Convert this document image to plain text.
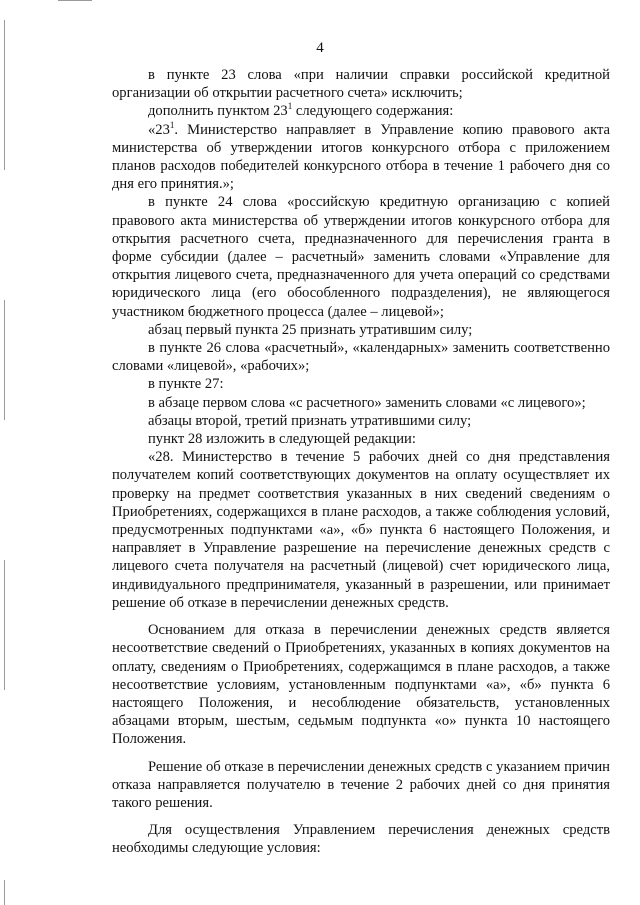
4

в пункте 23 слова «при наличии справки российской кредитной организации об открытии расчетного счета» исключить;

дополнить пунктом $23^1$ следующего содержания:

«$23^1$. Министерство направляет в Управление копию правового акта министерства об утверждении итогов конкурсного отбора с приложением планов расходов победителей конкурсного отбора в течение 1 рабочего дня со дня его принятия.»;

в пункте 24 слова «российскую кредитную организацию с копией правового акта министерства об утверждении итогов конкурсного отбора для открытия расчетного счета, предназначенного для перечисления гранта в форме субсидии (далее – расчетный» заменить словами «Управление для открытия лицевого счета, предназначенного для учета операций со средствами юридического лица (его обособленного подразделения), не являющегося участником бюджетного процесса (далее – лицевой»;

абзац первый пункта 25 признать утратившим силу;

в пункте 26 слова «расчетный», «календарных» заменить соответственно словами «лицевой», «рабочих»;

в пункте 27:

в абзаце первом слова «с расчетного» заменить словами «с лицевого»;

абзацы второй, третий признать утратившими силу;

пункт 28 изложить в следующей редакции:

«28. Министерство в течение 5 рабочих дней со дня представления получателем копий соответствующих документов на оплату осуществляет их проверку на предмет соответствия указанных в них сведений сведениям о Приобретениях, содержащихся в плане расходов, а также соблюдения условий, предусмотренных подпунктами «а», «б» пункта 6 настоящего Положения, и направляет в Управление разрешение на перечисление денежных средств с лицевого счета получателя на расчетный (лицевой) счет юридического лица, индивидуального предпринимателя, указанный в разрешении, или принимает решение об отказе в перечислении денежных средств.

Основанием для отказа в перечислении денежных средств является несоответствие сведений о Приобретениях, указанных в копиях документов на оплату, сведениям о Приобретениях, содержащимся в плане расходов, а также несоответствие условиям, установленным подпунктами «а», «б» пункта 6 настоящего Положения, и несоблюдение обязательств, установленных абзацами вторым, шестым, седьмым подпункта «о» пункта 10 настоящего Положения.

Решение об отказе в перечислении денежных средств с указанием причин отказа направляется получателю в течение 2 рабочих дней со дня принятия такого решения.

Для осуществления Управлением перечисления денежных средств необходимы следующие условия:
